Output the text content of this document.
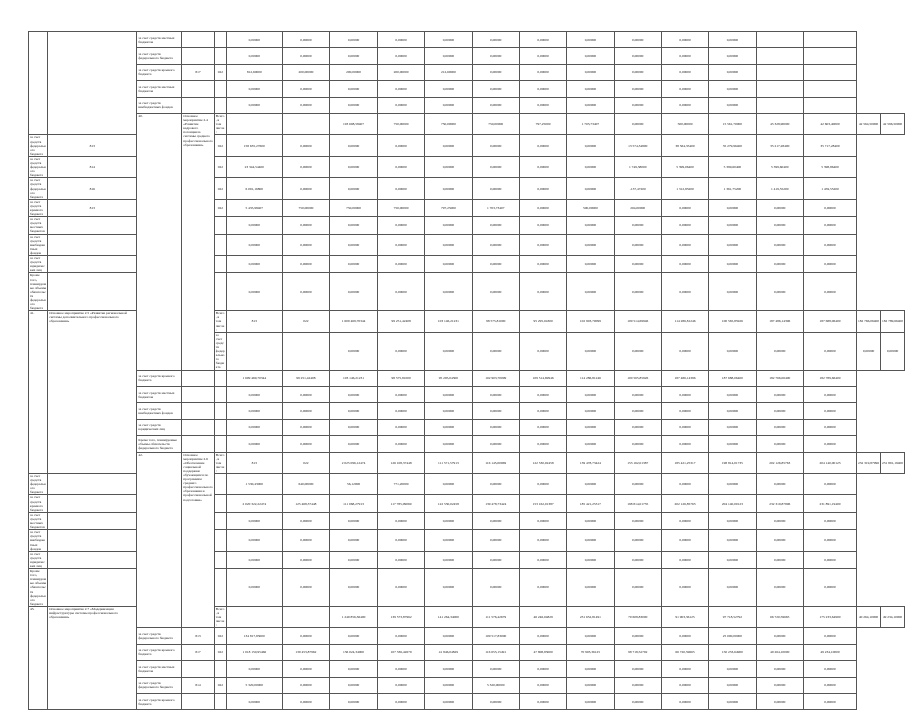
		за счет средств местных бюджетов			0,00000	0,00000	0,00000	0,00000	0,00000	0,00000	0,00000	0,00000	0,00000	0,00000	0,00000				
		за счет средств федерального бюджета			0,00000	0,00000	0,00000	0,00000	0,00000	0,00000	0,00000	0,00000	0,00000	0,00000	0,00000				
		за счет средств краевого бюджета	817	022	812,60000	200,00000	200,00000	200,00000	212,60000	0,00000	0,00000	0,00000	0,00000	0,00000	0,00000				
		за счет средств местных бюджетов			0,00000	0,00000	0,00000	0,00000	0,00000	0,00000	0,00000	0,00000	0,00000	0,00000	0,00000				
		за счет средств внебюджетных фондов			0,00000	0,00000	0,00000	0,00000	0,00000	0,00000	0,00000	0,00000	0,00000	0,00000	0,00000				
		40.	Основное мероприятие 2.4 «Развитие кадрового потенциала системы среднего профессионального образования»	Всего, в том числе:			193 608,58407	750,00000	750,00000	750,00000	797,25000	1 703,73407	0,00000	500,00000	15 561,70000	45 328,90000	42 603,40000	42 564,50000	42 596,50000
за счет средств федерального бюджета	813			022	158 635,27600	0,00000	0,00000	0,00000	0,00000	0,00000	0,00000	0,00000	13 574,34800	38 564,35400	35 279,96400	35 217,28400	35 717,28400		
за счет средств федерального бюджета	814			022	23 344,54400	0,00000	0,00000	0,00000	0,00000	0,00000	0,00000	0,00000	1 749,38000	5 399,06400	5 399,60400	5 399,60400	5 398,86400		
за счет средств федерального бюджета	816			022	6 091,16800	0,00000	0,00000	0,00000	0,00000	0,00000	0,00000	0,00000	-137,47200	1 312,83200	1 361,75200	1 419,55200	1 459,55200		
за счет средств краевого бюджета	813			022	5 435,98407	750,00000	750,00000	750,00000	797,25000	1 703,73407	0,00000	500,00000	204,00000	0,00000	0,00000	0,00000	0,00000		
за счет средств местных бюджетов					0,00000	0,00000	0,00000	0,00000	0,00000	0,00000	0,00000	0,00000	0,00000	0,00000	0,00000	0,00000	0,00000		
за счет средств внебюджетных фондов					0,00000	0,00000	0,00000	0,00000	0,00000	0,00000	0,00000	0,00000	0,00000	0,00000	0,00000	0,00000	0,00000		
за счет средств юридических лиц					0,00000	0,00000	0,00000	0,00000	0,00000	0,00000	0,00000	0,00000	0,00000	0,00000	0,00000	0,00000	0,00000		
Кроме того, планируемые объемы обязательств федерального бюджета					0,00000	0,00000	0,00000	0,00000	0,00000	0,00000	0,00000	0,00000	0,00000	0,00000	0,00000	0,00000	0,00000		
41.	Основное мероприятие 2.5 «Развитие региональной системы дополнительного профессионального образования»			Всего, в том числе:	813	022	1 609 469,70344	99 251,42408	103 146,21231	98 575,81000	95 295,04300	102 903,70099	109 514,69946	114 286,81246	100 565,85926	187 486,14396	187 688,06400	182 766,06400	182 789,66400
				за счет средств федерального бюджета			0,00000	0,00000	0,00000	0,00000	0,00000	0,00000	0,00000	0,00000	0,00000	0,00000	0,00000	0,00000	0,00000
		за счет средств краевого бюджета			1 609 469,70344	99 251,42408	103 146,21231	98 575,81000	95 295,04300	102 903,70099	109 514,69946	114 286,81246	100 565,85926	187 486,14396	187 688,06400	182 766,06400	182 789,66400		
		за счет средств местных бюджетов			0,00000	0,00000	0,00000	0,00000	0,00000	0,00000	0,00000	0,00000	0,00000	0,00000	0,00000	0,00000	0,00000		
		за счет средств внебюджетных фондов			0,00000	0,00000	0,00000	0,00000	0,00000	0,00000	0,00000	0,00000	0,00000	0,00000	0,00000	0,00000	0,00000		
		за счет средств юридических лиц			0,00000	0,00000	0,00000	0,00000	0,00000	0,00000	0,00000	0,00000	0,00000	0,00000	0,00000	0,00000	0,00000		
		Кроме того, планируемые объемы обязательств федерального бюджета			0,00000	0,00000	0,00000	0,00000	0,00000	0,00000	0,00000	0,00000	0,00000	0,00000	0,00000	0,00000	0,00000		
		42.	Основное мероприятие 2.6 «Обеспечение социальной поддержки обучающихся по программам среднего профессионального образования и профессиональной подготовки»	Всего, в том числе:	813	022	2 025 096,12474	126 108,37448	111 571,57913	116 145,00069	122 530,02458	139 478,73424	153 162,01387	185 421,25317	198 814,01735	202 126,85763	204 140,00123	232 319,87996	231 891,19400
за счет средств федерального бюджета					1 530,43000	640,00000	56,12000	771,20000	0,00000	0,00000	0,00000	0,00000	0,00000	0,00000	0,00000	0,00000	0,00000		
за счет средств краевого бюджета					2 020 322,22474	125 468,37448	111 068,27913	117 785,09069	122 530,02458	139 478,73424	153 162,01387	185 421,25317	198 814,01735	202 126,85763	204 140,00123	232 319,87996	231 891,19400		
за счет средств местных бюджетов					0,00000	0,00000	0,00000	0,00000	0,00000	0,00000	0,00000	0,00000	0,00000	0,00000	0,00000	0,00000	0,00000		
за счет средств внебюджетных фондов					0,00000	0,00000	0,00000	0,00000	0,00000	0,00000	0,00000	0,00000	0,00000	0,00000	0,00000	0,00000	0,00000		
за счет средств юридических лиц					0,00000	0,00000	0,00000	0,00000	0,00000	0,00000	0,00000	0,00000	0,00000	0,00000	0,00000	0,00000	0,00000		
Кроме того, планируемые объемы обязательств федерального бюджета					0,00000	0,00000	0,00000	0,00000	0,00000	0,00000	0,00000	0,00000	0,00000	0,00000	0,00000	0,00000	0,00000		
43.	Основное мероприятие 2.7 «Модернизация инфраструктуры системы профессионального образования»			Всего, в том числе:			1 249 856,36400	139 573,87962	141 264,34000	111 576,42679	46 246,04829	231 652,81491	70 608,83000	91 903,36125	97 718,52792	66 720,59665	175 233,64900	40 264,10000	49 234,10000
		за счет средств федерального бюджета	813	022	134 817,83000	0,00000	0,00000	0,00000	0,00000	109 517,83000	0,00000	0,00000	0,00000	0,00000	25 000,00000	0,00000	0,00000		
		за счет средств краевого бюджета	817	022	1 018 150,95466	139 453,87962	136 024,34000	107 336,42679	41 846,04829	116 653,15491	47 808,83000	70 903,36125	98 718,52792	66 720,59665	150 233,64900	49 264,10000	49 234,10000		
		за счет средств местных бюджетов			0,00000	0,00000	0,00000	0,00000	0,00000	0,00000	0,00000	0,00000	0,00000	0,00000	0,00000	0,00000	0,00000		
		за счет средств федерального бюджета	814	022	5 320,00000	0,00000	0,00000	0,00000	0,00000	5 320,00000	0,00000	0,00000	0,00000	0,00000	0,00000	0,00000	0,00000		
		за счет средств краевого бюджета			0,00000	0,00000	0,00000	0,00000	0,00000	0,00000	0,00000	0,00000	0,00000	0,00000	0,00000	0,00000	0,00000		
